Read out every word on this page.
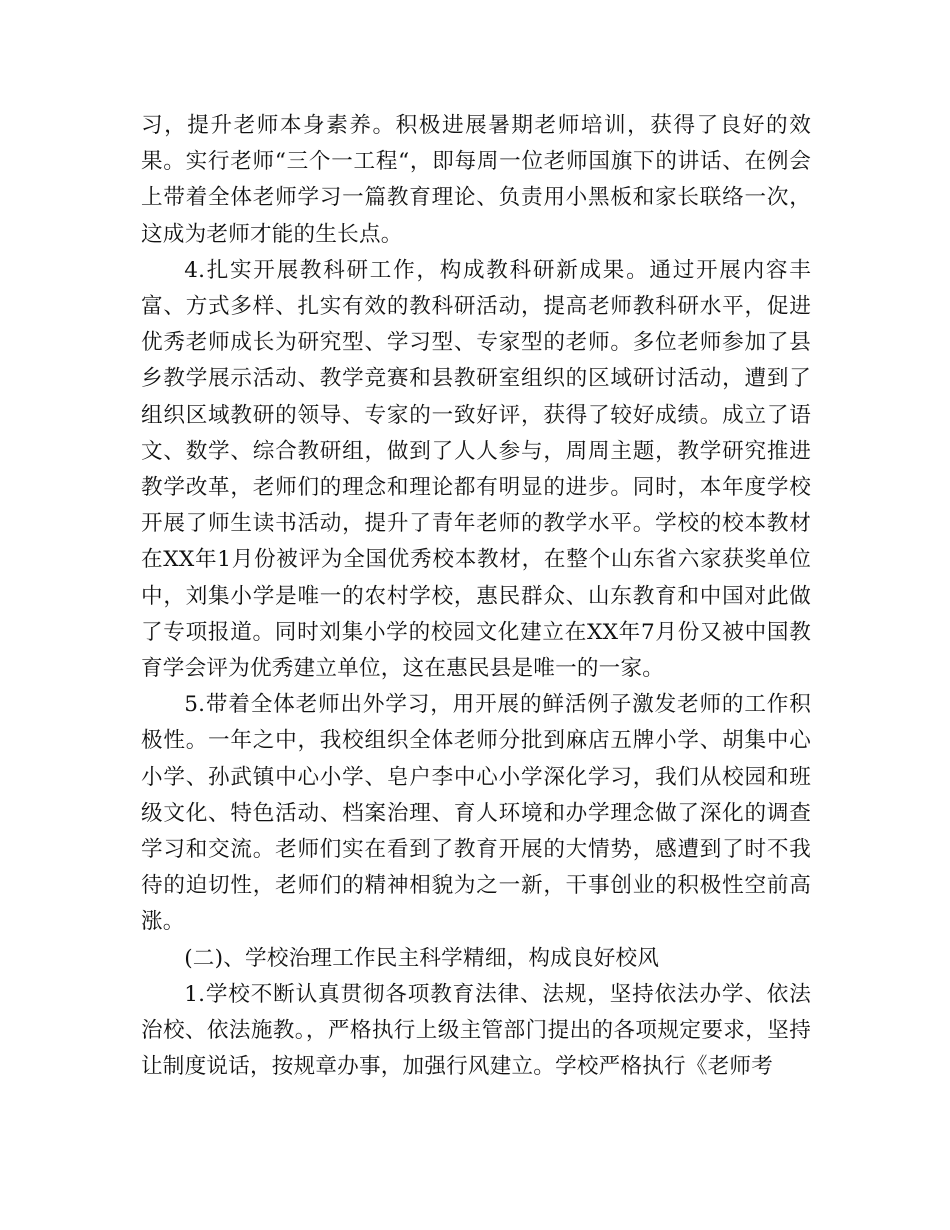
习，提升老师本身素养。积极进展暑期老师培训，获得了良好的效果。实行老师“三个一工程“，即每周一位老师国旗下的讲话、在例会上带着全体老师学习一篇教育理论、负责用小黑板和家长联络一次，这成为老师才能的生长点。

4.扎实开展教科研工作，构成教科研新成果。通过开展内容丰富、方式多样、扎实有效的教科研活动，提高老师教科研水平，促进优秀老师成长为研究型、学习型、专家型的老师。多位老师参加了县乡教学展示活动、教学竞赛和县教研室组织的区域研讨活动，遭到了组织区域教研的领导、专家的一致好评，获得了较好成绩。成立了语文、数学、综合教研组，做到了人人参与，周周主题，教学研究推进教学改革，老师们的理念和理论都有明显的进步。同时，本年度学校开展了师生读书活动，提升了青年老师的教学水平。学校的校本教材在XX年1月份被评为全国优秀校本教材，在整个山东省六家获奖单位中，刘集小学是唯一的农村学校，惠民群众、山东教育和中国对此做了专项报道。同时刘集小学的校园文化建立在XX年7月份又被中国教育学会评为优秀建立单位，这在惠民县是唯一的一家。

5.带着全体老师出外学习，用开展的鲜活例子激发老师的工作积极性。一年之中，我校组织全体老师分批到麻店五牌小学、胡集中心小学、孙武镇中心小学、皂户李中心小学深化学习，我们从校园和班级文化、特色活动、档案治理、育人环境和办学理念做了深化的调查学习和交流。老师们实在看到了教育开展的大情势，感遭到了时不我待的迫切性，老师们的精神相貌为之一新，干事创业的积极性空前高涨。

(二)、学校治理工作民主科学精细，构成良好校风

1.学校不断认真贯彻各项教育法律、法规，坚持依法办学、依法治校、依法施教。，严格执行上级主管部门提出的各项规定要求，坚持让制度说话，按规章办事，加强行风建立。学校严格执行《老师考
